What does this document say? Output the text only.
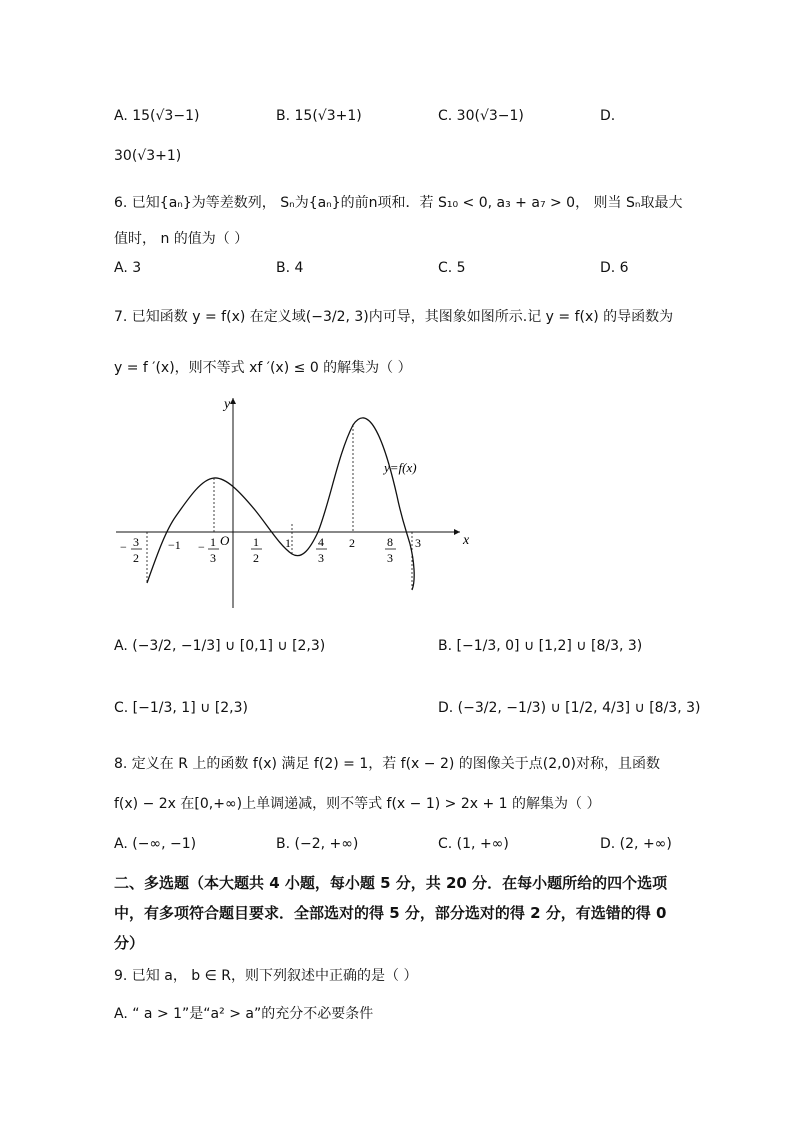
A. 15(√3−1)	B. 15(√3+1)	C. 30(√3−1)	D.
30(√3+1)
6. 已知{aₙ}为等差数列， Sₙ为{aₙ}的前n项和．若 S₁₀ < 0, a₃ + a₇ > 0， 则当 Sₙ取最大
值时， n 的值为（ ）
A. 3	B. 4	C. 5	D. 6
7. 已知函数 y = f(x) 在定义域(−3/2, 3)内可导，其图象如图所示.记 y = f(x) 的导函数为
y = f ′(x)，则不等式 xf ′(x) ≤ 0 的解集为（ ）
y
x
O
y=f(x)
− 3
2
−1 − 1
3
1
2
1 4
3
2	8
3
3
A. (−3/2, −1/3] ∪ [0,1] ∪ [2,3)	B. [−1/3, 0] ∪ [1,2] ∪ [8/3, 3)
C. [−1/3, 1] ∪ [2,3)	D. (−3/2, −1/3) ∪ [1/2, 4/3] ∪ [8/3, 3)
8. 定义在 R 上的函数 f(x) 满足 f(2) = 1，若 f(x − 2) 的图像关于点(2,0)对称，且函数
f(x) − 2x 在[0,+∞)上单调递减，则不等式 f(x − 1) > 2x + 1 的解集为（ ）
A. (−∞, −1)	B. (−2, +∞)	C. (1, +∞)	D. (2, +∞)
二、多选题（本大题共 4 小题，每小题 5 分，共 20 分．在每小题所给的四个选项
中，有多项符合题目要求．全部选对的得 5 分，部分选对的得 2 分，有选错的得 0
分）
9. 已知 a， b ∈ R，则下列叙述中正确的是（ ）
A. “ a > 1”是“a² > a”的充分不必要条件
